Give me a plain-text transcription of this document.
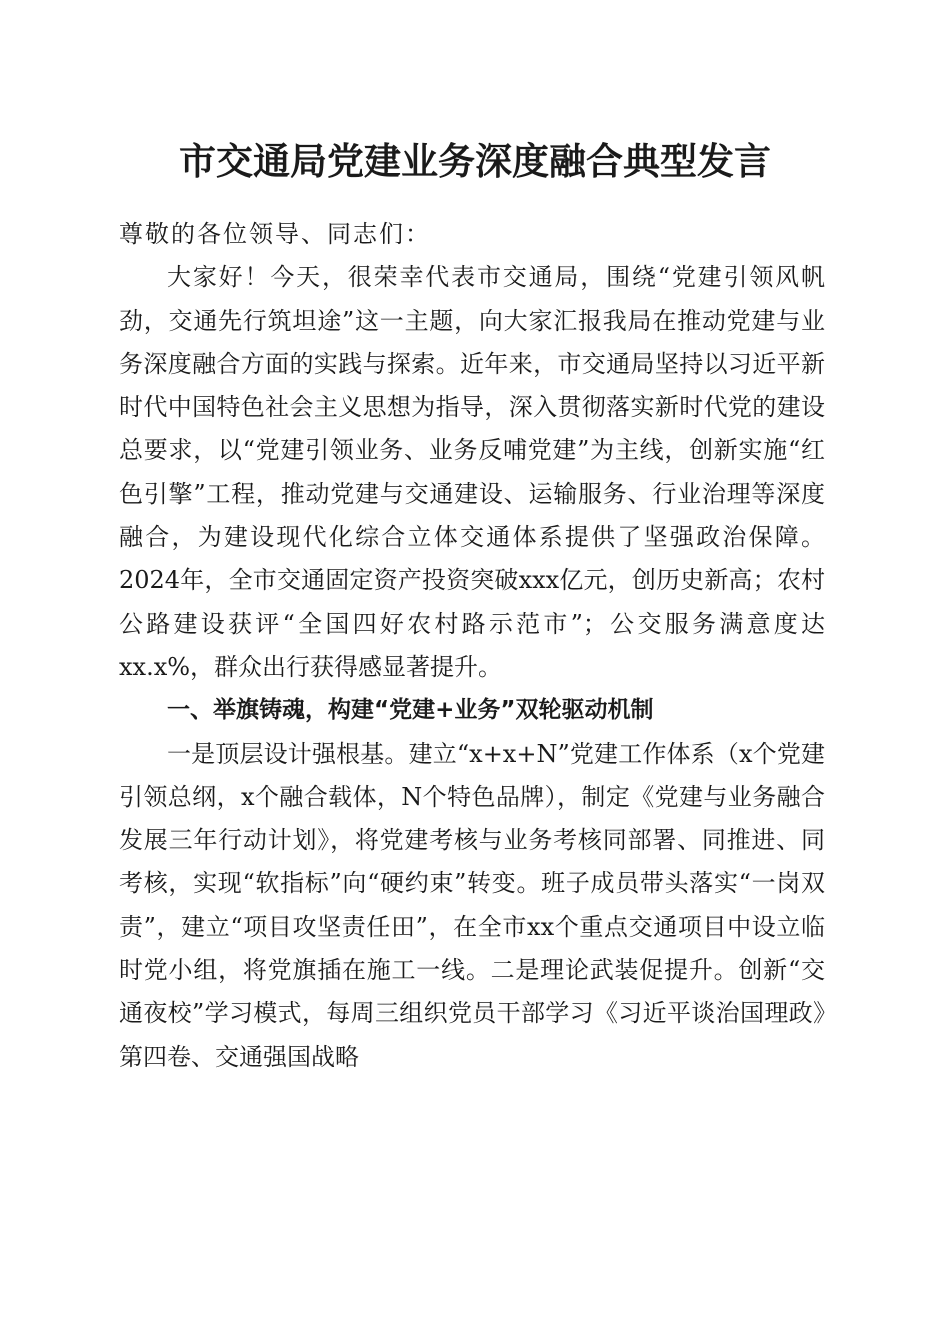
市交通局党建业务深度融合典型发言

尊敬的各位领导、同志们：

大家好！今天，很荣幸代表市交通局，围绕“党建引领风帆劲，交通先行筑坦途”这一主题，向大家汇报我局在推动党建与业务深度融合方面的实践与探索。近年来，市交通局坚持以习近平新时代中国特色社会主义思想为指导，深入贯彻落实新时代党的建设总要求，以“党建引领业务、业务反哺党建”为主线，创新实施“红色引擎”工程，推动党建与交通建设、运输服务、行业治理等深度融合，为建设现代化综合立体交通体系提供了坚强政治保障。2024年，全市交通固定资产投资突破xxx亿元，创历史新高；农村公路建设获评“全国四好农村路示范市”；公交服务满意度达xx.x%，群众出行获得感显著提升。

一、举旗铸魂，构建“党建+业务”双轮驱动机制

一是顶层设计强根基。建立“x+x+N”党建工作体系（x个党建引领总纲，x个融合载体，N个特色品牌），制定《党建与业务融合发展三年行动计划》，将党建考核与业务考核同部署、同推进、同考核，实现“软指标”向“硬约束”转变。班子成员带头落实“一岗双责”，建立“项目攻坚责任田”，在全市xx个重点交通项目中设立临时党小组，将党旗插在施工一线。二是理论武装促提升。创新“交通夜校”学习模式，每周三组织党员干部学习《习近平谈治国理政》第四卷、交通强国战略
